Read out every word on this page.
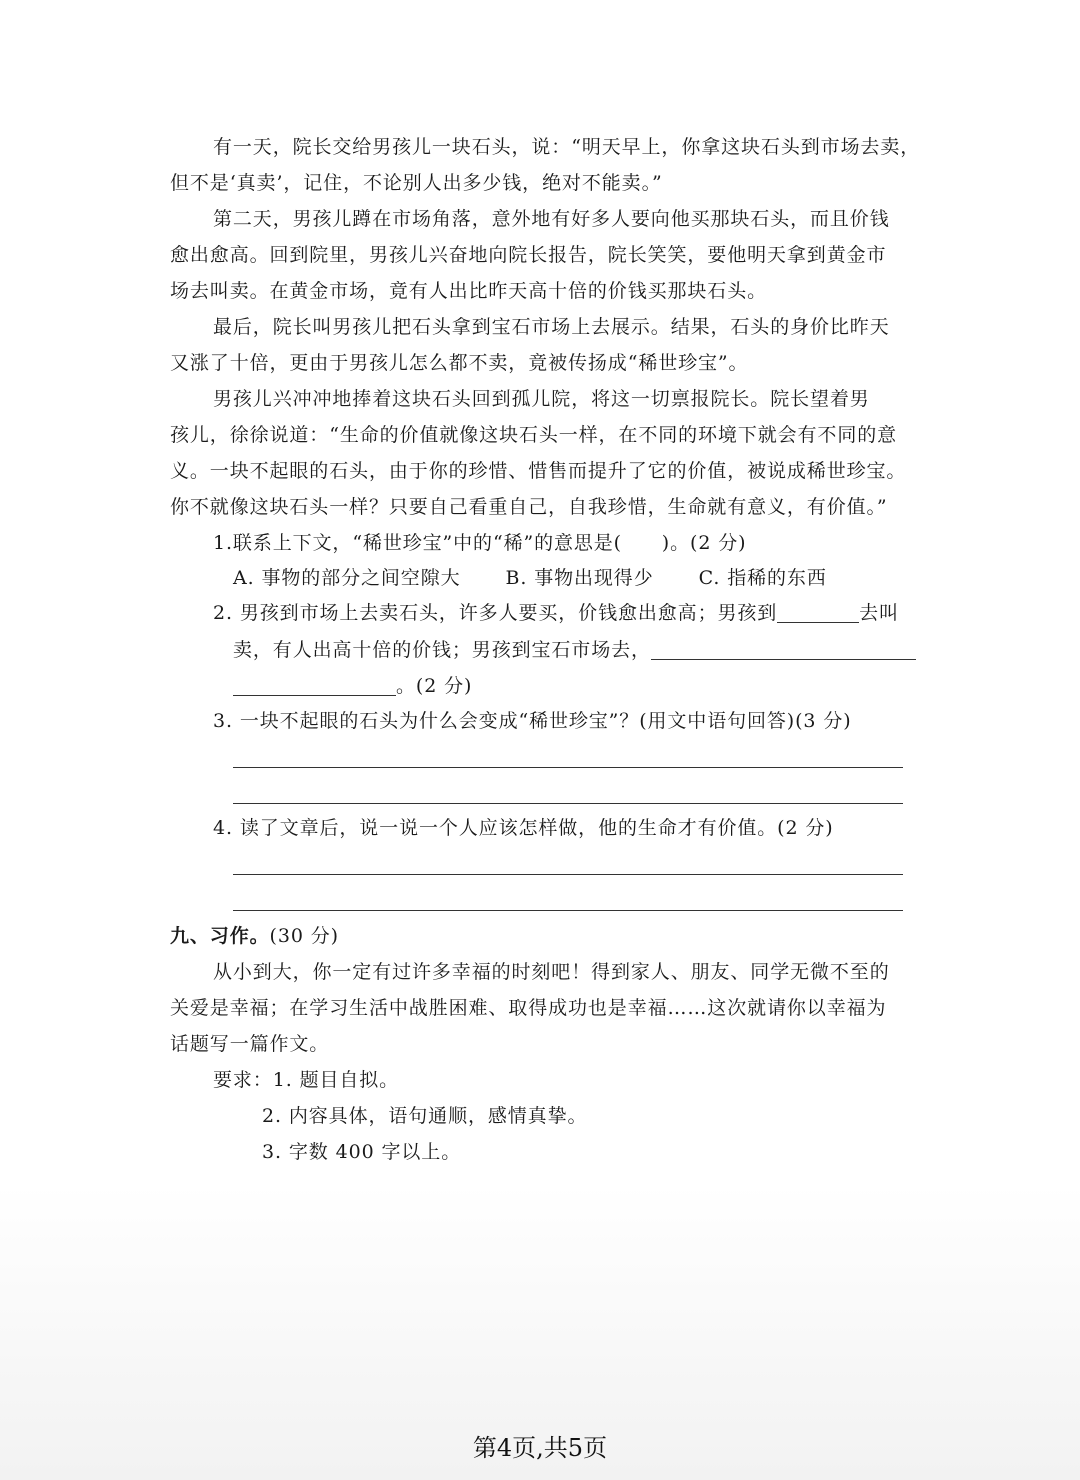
有一天，院长交给男孩儿一块石头，说：“明天早上，你拿这块石头到市场去卖，
但不是‘真卖’，记住，不论别人出多少钱，绝对不能卖。”
第二天，男孩儿蹲在市场角落，意外地有好多人要向他买那块石头，而且价钱
愈出愈高。回到院里，男孩儿兴奋地向院长报告，院长笑笑，要他明天拿到黄金市
场去叫卖。在黄金市场，竟有人出比昨天高十倍的价钱买那块石头。
最后，院长叫男孩儿把石头拿到宝石市场上去展示。结果，石头的身价比昨天
又涨了十倍，更由于男孩儿怎么都不卖，竟被传扬成“稀世珍宝”。
男孩儿兴冲冲地捧着这块石头回到孤儿院，将这一切禀报院长。院长望着男
孩儿，徐徐说道：“生命的价值就像这块石头一样，在不同的环境下就会有不同的意
义。一块不起眼的石头，由于你的珍惜、惜售而提升了它的价值，被说成稀世珍宝。
你不就像这块石头一样？只要自己看重自己，自我珍惜，生命就有意义，有价值。”
1.联系上下文，“稀世珍宝”中的“稀”的意思是(　　)。(2 分)
A. 事物的部分之间空隙大 B. 事物出现得少 C. 指稀的东西
2. 男孩到市场上去卖石头，许多人要买，价钱愈出愈高；男孩到	去叫
卖，有人出高十倍的价钱；男孩到宝石市场去，
。(2 分)
3. 一块不起眼的石头为什么会变成“稀世珍宝”？(用文中语句回答)(3 分)
4. 读了文章后，说一说一个人应该怎样做，他的生命才有价值。(2 分)
九、习作。(30 分)
从小到大，你一定有过许多幸福的时刻吧！得到家人、朋友、同学无微不至的
关爱是幸福；在学习生活中战胜困难、取得成功也是幸福……这次就请你以幸福为
话题写一篇作文。
要求：1. 题目自拟。
2. 内容具体，语句通顺，感情真挚。
3. 字数 400 字以上。
第4页,共5页
